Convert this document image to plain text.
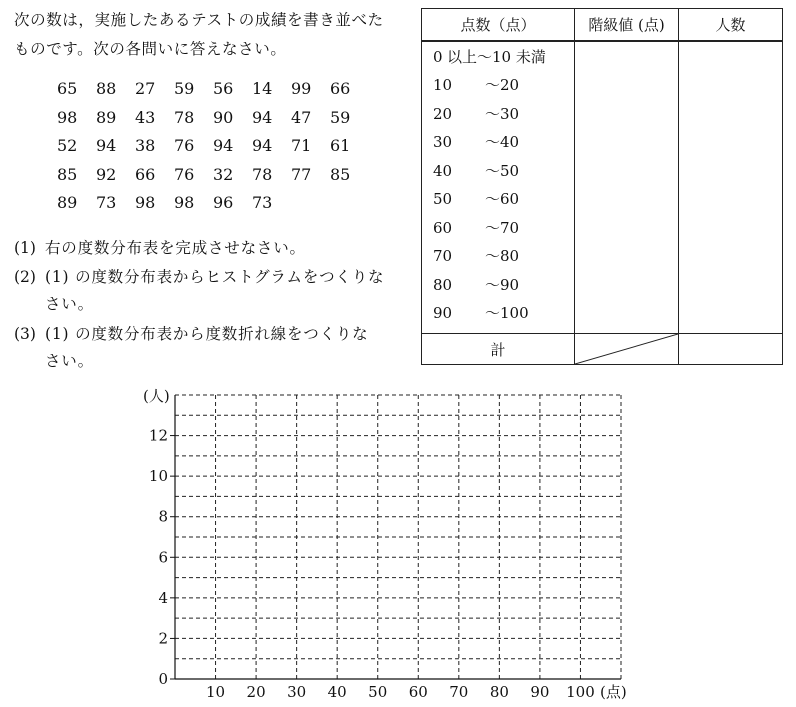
次の数は，実施したあるテストの成績を書き並べたものです。次の各問いに答えなさい。
65 88 27 59 56 14 99 66
98 89 43 78 90 94 47 59
52 94 38 76 94 94 71 61
85 92 66 76 32 78 77 85
89 73 98 98 96 73
(1) 右の度数分布表を完成させなさい。
(2) (1) の度数分布表からヒストグラムをつくりな
さい。
(3) (1) の度数分布表から度数折れ線をつくりな
さい。
点数（点）	階級値 (点)	人数
0 以上～10 未満		
10 ～20		
20 ～30		
30 ～40		
40 ～50		
50 ～60		
60 ～70		
70 ～80		
80 ～90		
90 ～100		
計	

0
2
4
6
8
10
12
10 20 30 40 50 60 70 80 90 100
(人)
(点)
